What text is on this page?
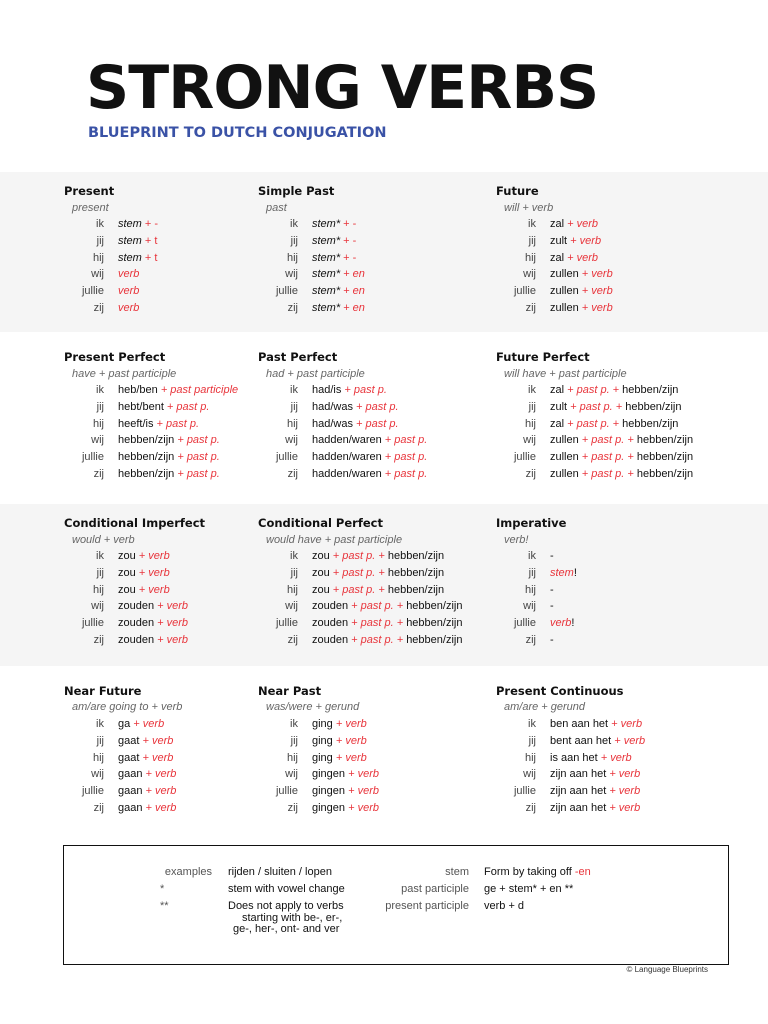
STRONG VERBS
BLUEPRINT TO DUTCH CONJUGATION
Present
present
ik stem + -
jij stem + t
hij stem + t
wij verb
jullie verb
zij verb
Simple Past
past
ik stem* + -
jij stem* + -
hij stem* + -
wij stem* + en
jullie stem* + en
zij stem* + en
Future
will + verb
ik zal + verb
jij zult + verb
hij zal + verb
wij zullen + verb
jullie zullen + verb
zij zullen + verb
Present Perfect
have + past participle
ik heb/ben + past participle
jij hebt/bent + past p.
hij heeft/is + past p.
wij hebben/zijn + past p.
jullie hebben/zijn + past p.
zij hebben/zijn + past p.
Past Perfect
had + past participle
ik had/is + past p.
jij had/was + past p.
hij had/was + past p.
wij hadden/waren + past p.
jullie hadden/waren + past p.
zij hadden/waren + past p.
Future Perfect
will have + past participle
ik zal + past p. + hebben/zijn
jij zult + past p. + hebben/zijn
hij zal + past p. + hebben/zijn
wij zullen + past p. + hebben/zijn
jullie zullen + past p. + hebben/zijn
zij zullen + past p. + hebben/zijn
Conditional Imperfect
would + verb
ik zou + verb
jij zou + verb
hij zou + verb
wij zouden + verb
jullie zouden + verb
zij zouden + verb
Conditional Perfect
would have + past participle
ik zou + past p. + hebben/zijn
jij zou + past p. + hebben/zijn
hij zou + past p. + hebben/zijn
wij zouden + past p. + hebben/zijn
jullie zouden + past p. + hebben/zijn
zij zouden + past p. + hebben/zijn
Imperative
verb!
ik -
jij stem!
hij -
wij -
jullie verb!
zij -
Near Future
am/are going to + verb
ik ga + verb
jij gaat + verb
hij gaat + verb
wij gaan + verb
jullie gaan + verb
zij gaan + verb
Near Past
was/were + gerund
ik ging + verb
jij ging + verb
hij ging + verb
wij gingen + verb
jullie gingen + verb
zij gingen + verb
Present Continuous
am/are + gerund
ik ben aan het + verb
jij bent aan het + verb
hij is aan het + verb
wij zijn aan het + verb
jullie zijn aan het + verb
zij zijn aan het + verb
examples rijden / sluiten / lopen
*	stem with vowel change
**	Does not apply to verbs
starting with be-, er-,
ge-, her-, ont- and ver
stem Form by taking off -en
past participle ge + stem* + en **
present participle verb + d
© Language Blueprints
